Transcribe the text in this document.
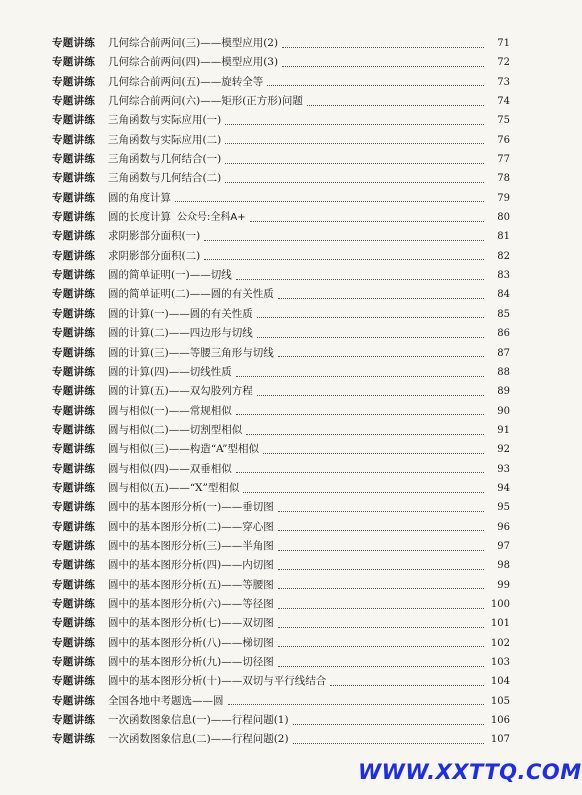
专题讲练	几何综合前两问(三)——模型应用(2)	71
专题讲练	几何综合前两问(四)——模型应用(3)	72
专题讲练	几何综合前两问(五)——旋转全等	73
专题讲练	几何综合前两问(六)——矩形(正方形)问题	74
专题讲练	三角函数与实际应用(一)	75
专题讲练	三角函数与实际应用(二)	76
专题讲练	三角函数与几何结合(一)	77
专题讲练	三角函数与几何结合(二)	78
专题讲练	圆的角度计算	79
专题讲练	圆的长度计算 公众号:全科A+	80
专题讲练	求阴影部分面积(一)	81
专题讲练	求阴影部分面积(二)	82
专题讲练	圆的简单证明(一)——切线	83
专题讲练	圆的简单证明(二)——圆的有关性质	84
专题讲练	圆的计算(一)——圆的有关性质	85
专题讲练	圆的计算(二)——四边形与切线	86
专题讲练	圆的计算(三)——等腰三角形与切线	87
专题讲练	圆的计算(四)——切线性质	88
专题讲练	圆的计算(五)——双勾股列方程	89
专题讲练	圆与相似(一)——常规相似	90
专题讲练	圆与相似(二)——切割型相似	91
专题讲练	圆与相似(三)——构造“A”型相似	92
专题讲练	圆与相似(四)——双垂相似	93
专题讲练	圆与相似(五)——“X”型相似	94
专题讲练	圆中的基本图形分析(一)——垂切图	95
专题讲练	圆中的基本图形分析(二)——穿心图	96
专题讲练	圆中的基本图形分析(三)——半角图	97
专题讲练	圆中的基本图形分析(四)——内切图	98
专题讲练	圆中的基本图形分析(五)——等腰图	99
专题讲练	圆中的基本图形分析(六)——等径图	100
专题讲练	圆中的基本图形分析(七)——双切图	101
专题讲练	圆中的基本图形分析(八)——梯切图	102
专题讲练	圆中的基本图形分析(九)——切径图	103
专题讲练	圆中的基本图形分析(十)——双切与平行线结合	104
专题讲练	全国各地中考题选——圆	105
专题讲练	一次函数图象信息(一)——行程问题(1)	106
专题讲练	一次函数图象信息(二)——行程问题(2)	107
WWW.XXTTQ.COM
